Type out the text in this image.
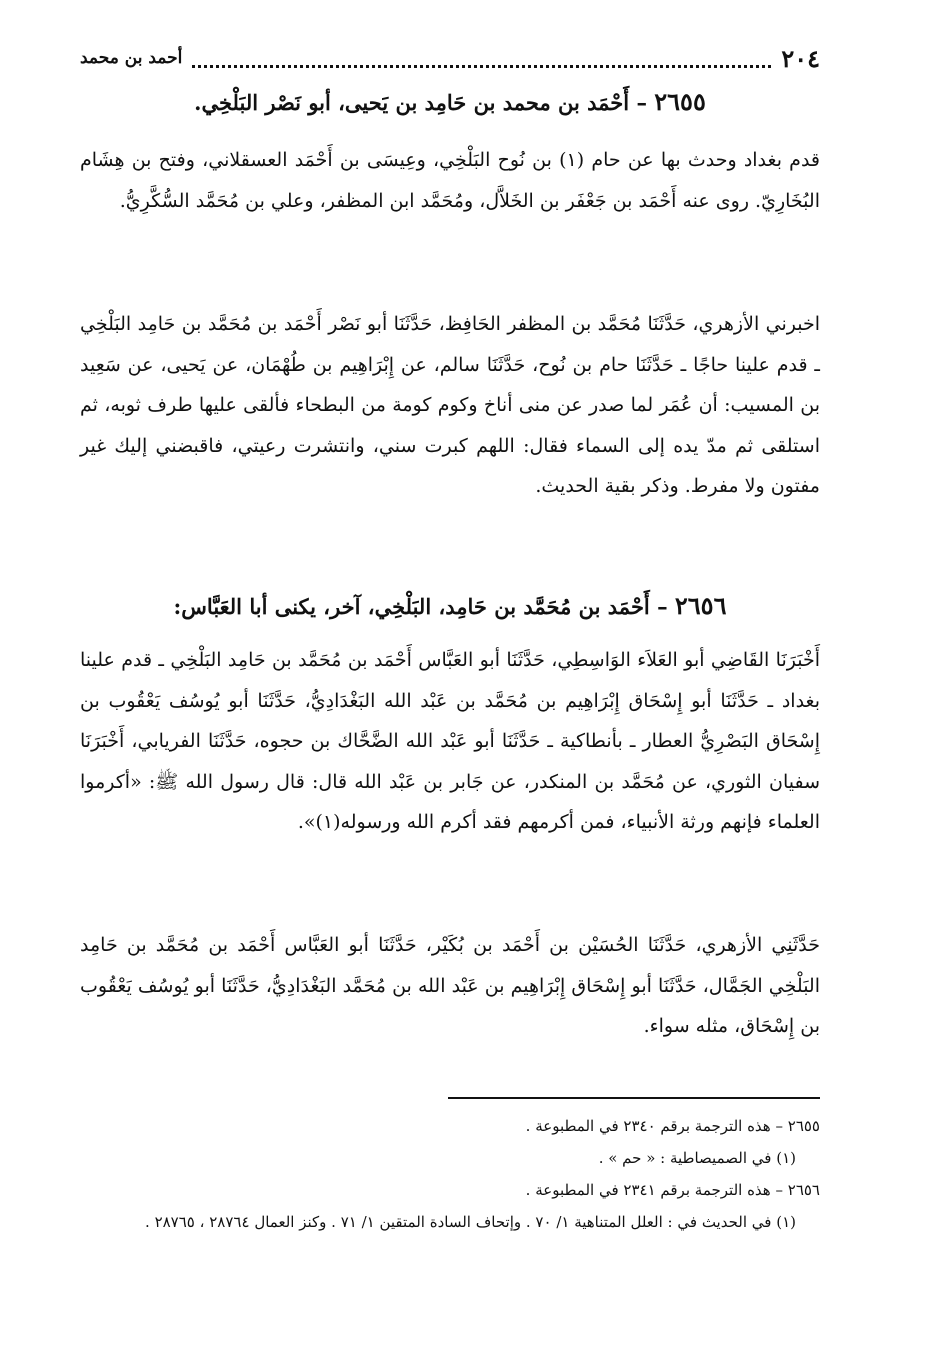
٢٠٤
أحمد بن محمد
٢٦٥٥ – أَحْمَد بن محمد بن حَامِد بن يَحيى، أبو نَصْر البَلْخِي.

قدم بغداد وحدث بها عن حام (١) بن نُوح البَلْخِي، وعِيسَى بن أَحْمَد العسقلاني، وفتح بن هِشَام البُخَارِيّ. روى عنه أَحْمَد بن جَعْفَر بن الخَلاَّل، ومُحَمَّد ابن المظفر، وعلي بن مُحَمَّد السُّكَّرِيُّ.

اخبرني الأزهري، حَدَّثَنَا مُحَمَّد بن المظفر الحَافِظ، حَدَّثَنَا أبو نَصْر أَحْمَد بن مُحَمَّد بن حَامِد البَلْخِي ـ قدم علينا حاجًا ـ حَدَّثَنَا حام بن نُوح، حَدَّثَنَا سالم، عن إِبْرَاهِيم بن طُهْمَان، عن يَحيى، عن سَعِيد بن المسيب: أن عُمَر لما صدر عن منى أناخ وكوم كومة من البطحاء فألقى عليها طرف ثوبه، ثم استلقى ثم مدّ يده إلى السماء فقال: اللهم كبرت سني، وانتشرت رعيتي، فاقبضني إليك غير مفتون ولا مفرط. وذكر بقية الحديث.

٢٦٥٦ – أَحْمَد بن مُحَمَّد بن حَامِد، البَلْخِي، آخر، يكنى أبا العَبَّاس:

أَخْبَرَنَا القَاضِي أبو العَلاَء الوَاسِطِي، حَدَّثَنَا أبو العَبَّاس أَحْمَد بن مُحَمَّد بن حَامِد البَلْخِي ـ قدم علينا بغداد ـ حَدَّثَنَا أبو إِسْحَاق إِبْرَاهِيم بن مُحَمَّد بن عَبْد الله البَغْدَادِيُّ، حَدَّثَنَا أبو يُوسُف يَعْقُوب بن إِسْحَاق البَصْرِيُّ العطار ـ بأنطاكية ـ حَدَّثَنَا أبو عَبْد الله الضَّحَّاك بن حجوه، حَدَّثَنَا الفريابي، أَخْبَرَنَا سفيان الثوري، عن مُحَمَّد بن المنكدر، عن جَابر بن عَبْد الله قال: قال رسول الله ﷺ: «أكرموا العلماء فإنهم ورثة الأنبياء، فمن أكرمهم فقد أكرم الله ورسوله(١)».

حَدَّثَنِي الأزهري، حَدَّثَنَا الحُسَيْن بن أَحْمَد بن بُكَيْر، حَدَّثَنَا أبو العَبَّاس أَحْمَد بن مُحَمَّد بن حَامِد البَلْخِي الجَمَّال، حَدَّثَنَا أبو إِسْحَاق إِبْرَاهِيم بن عَبْد الله بن مُحَمَّد البَغْدَادِيُّ، حَدَّثَنَا أبو يُوسُف يَعْقُوب بن إِسْحَاق، مثله سواء.

٢٦٥٥ – هذه الترجمة برقم ٢٣٤٠ في المطبوعة .
(١) في الصميصاطية : « حم » .
٢٦٥٦ – هذه الترجمة برقم ٢٣٤١ في المطبوعة .
(١) في الحديث في : العلل المتناهية ١/ ٧٠ . وإتحاف السادة المتقين ١/ ٧١ . وكنز العمال ٢٨٧٦٤ ، ٢٨٧٦٥ .
